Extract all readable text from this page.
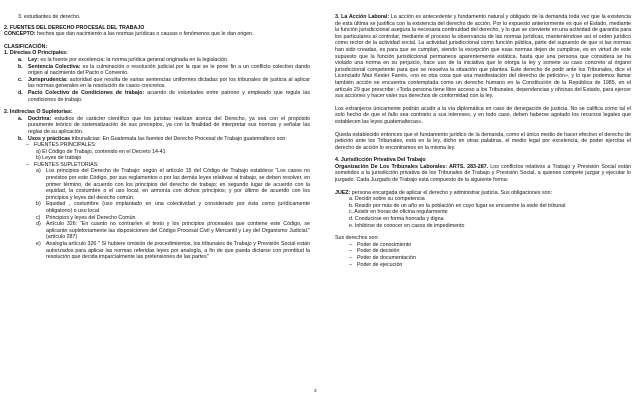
3. estudiantes de derecho.

2. FUENTES DEL DERECHO PROCESAL DEL TRABAJO

CONCEPTO: hechos que dan nacimiento a las normas jurídicas o causas o fenómenos que le dan origen.

CLASIFICACIÓN:

1. Directas O Principales:

a.	Ley: es la fuente por excelencia; la norma jurídica general originada en la legislación.
b. Sentencia Colectiva: es la culminación o resolución judicial por la que se le pone fin a un conflicto colectivo dando origen al nacimiento del Pacto o Convenio.
c.	Jurisprudencia: autoridad que resulta de varias sentencias uniformes dictadas por los tribunales de justicia al aplicar las normas generales en la resolución de casos concretos.
d. Pacto Colectivo de Condiciones de trabajo: acuerdo de voluntades entre patrono y empleado que regula las condiciones de trabajo.

2. Indirectas O Supletorias:

a.	Doctrina: estudios de carácter científico que los juristas realizan acerca del Derecho, ya sea con el propósito puramente teórico de sistematización de sus preceptos, ya con la finalidad de interpretar sus normas y señalar las reglas de su aplicación.
b. Usos y prácticas tribunalicias: En Guatemala las fuentes del Derecho Procesal de Trabajo guatemalteco son:
– FUENTES PRINCIPALES:

a) El Código de Trabajo, contenido en el Decreto 14-41

b) Leyes de trabajo

– FUENTES SUPLETORIAS:
a) Los principios del Derecho de Trabajo: según el artículo 15 del Código de Trabajo establece “Los casos no previstos por este Código, por sus reglamentos o por las demás leyes relativas al trabajo, se deben resolver, en primer término, de acuerdo con los principios del derecho de trabajo; en segundo lugar de acuerdo con la equidad, la costumbre o el uso local, en armonía con dichos principios; y por último de acuerdo con los principios y leyes del derecho común.
b) Equidad , costumbre (uso implantado en una colectividad y considerado por ésta como jurídicamente obligatorio) o uso local
c)	Principios y leyes del Derecho Común
d) Artículo 326: “En cuanto no contraríen el texto y los principios procesales que contiene este Código, se aplicarán supletoriamente las disposiciones del Código Procesal Civil y Mercantil y Ley del Organismo Judicial.” (artículo 287)
e) Analogía artículo 326 " Si hubiere omisión de procedimientos, los tribunales de Trabajo y Previsión Social están autorizados para aplicar las normas referidas leyes por analogía, a fin de que pueda dictarse con prontitud la resolución que decida imparcialmente las pretensiones de las partes"

3. La Acción Laboral: La acción es antecedente y fundamento natural y obligado de la demanda toda vez que la existencia de esta última se justifica con la existencia del derecho de acción. Por lo expuesto anteriormente es que el Estado, mediante la función jurisdiccional asegura la necesaria continuidad del derecho, y lo que se convierte en una actividad de garantía para los particulares al controlar, mediante el proceso la observancia de las normas jurídicas, manteniéndose así el orden jurídico como rector de la actividad social. La actividad jurisdiccional como función pública, parte del supuesto de que si las normas han sido creadas, es para que se cumplan, siendo la excepción que esas normas dejen de cumplirse, es en virtud de este supuesto que la función jurisdiccional permanece aparentemente estática, hasta que una persona que considera se ha violado una norma en su perjuicio, hace uso de la iniciativa que le otorga la ley y somete su caso concreto al órgano jurisdiccional competente para que se resuelva la situación que plantea. Este derecho de pedir ante los Tribunales, dice el Licenciado Max Kester Farrés, «no es otra cosa que una manifestación del derecho de petición», y lo que podemos llamar también acción se encuentra contemplada como un derecho humano en la Constitución de la República de 1985, en el artículo 29 que prescribe: «Toda persona tiene libre acceso a los Tribunales, dependencias y oficinas del Estado, para ejercer sus acciones y hacer valer sus derechos de conformidad con la ley.

Los extranjeros únicamente podrán acudir a la vía diplomática en caso de denegación de justicia. No se califica como tal el solo hecho de que el fallo sea contrario a sus intereses, y en todo caso, deben haberse agotado los recursos legales que establecen las leyes guatemaltecas».

Queda establecido entonces que el fundamento jurídico de la demanda, como el único medio de hacer efectivo el derecho de petición ante los Tribunales, está en la ley, dicho en otras palabras, el medio legal por excelencia, de poder ejercitar el derecho de acción lo encontramos en la misma ley.

4. Jurisdicción Privativa Del Trabajo

Organización De Los Tribunales Laborales: ARTS. 283-287. Los conflictos relativos a Trabajo y Previsión Social están sometidos a la jurisdicción privativa de los Tribunales de Trabajo y Previsión Social, a quienes compete juzgar y ejecutar lo juzgado. Cada Juzgado de Trabajo está compuesto de la siguiente forma:

JUEZ: persona encargada de aplicar el derecho y administrar justicia. Sus obligaciones son:

a. Decidir sobre su competencia

b. Residir por más de un año en la población en cuyo lugar se encuentre la sede del tribunal

c. Asistir en horas de oficina regularmente

d. Conducirse en forma honrada y digna

e. Inhibirse de conocer en casos de impedimento

Sus derechos son:

– Poder de conocimiento
– Poder de decisión
– Poder de documentación
– Poder de ejecución
3
